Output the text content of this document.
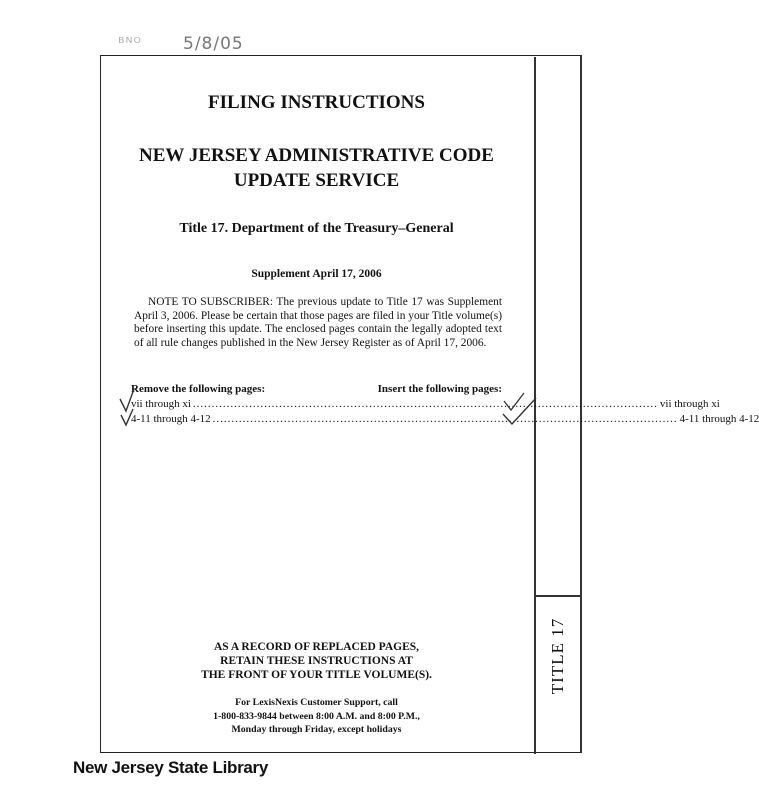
ᴮᴺᴼ 5/8/05
TITLE 17
FILING INSTRUCTIONS
NEW JERSEY ADMINISTRATIVE CODE
UPDATE SERVICE
Title 17. Department of the Treasury–General
Supplement April 17, 2006
NOTE TO SUBSCRIBER: The previous update to Title 17 was Supplement April 3, 2006. Please be certain that those pages are filed in your Title volume(s) before inserting this update. The enclosed pages contain the legally adopted text of all rule changes published in the New Jersey Register as of April 17, 2006.
Remove the following pages:	Insert the following pages:
vii through xi ............................................................................................................................ vii through xi
4-11 through 4-12 ............................................................................................................................ 4-11 through 4-12
AS A RECORD OF REPLACED PAGES,
RETAIN THESE INSTRUCTIONS AT
THE FRONT OF YOUR TITLE VOLUME(S).
For LexisNexis Customer Support, call
1-800-833-9844 between 8:00 A.M. and 8:00 P.M.,
Monday through Friday, except holidays
New Jersey State Library
